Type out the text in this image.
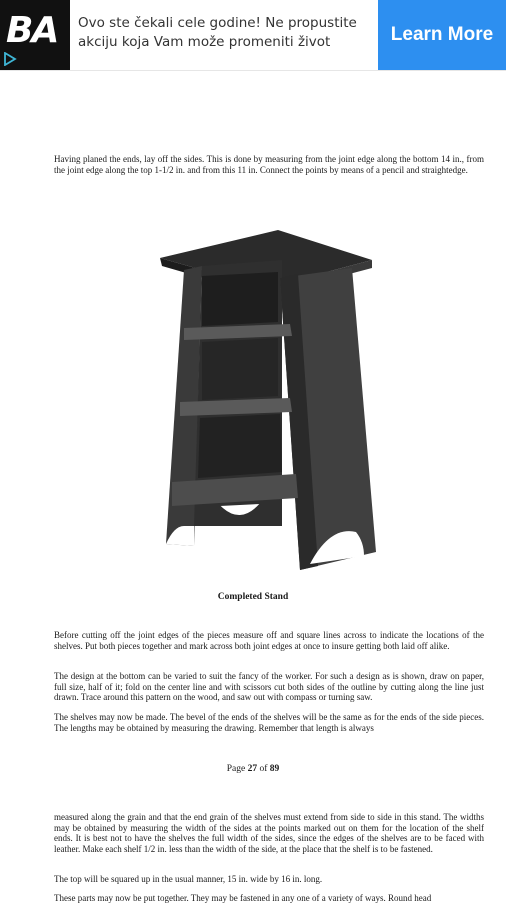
BA Ovo ste čekali cele godine! Ne propustite akciju koja Vam može promeniti život	Learn More

Having planed the ends, lay off the sides. This is done by measuring from the joint edge along the bottom 14 in., from the joint edge along the top 1-1/2 in. and from this 11 in. Connect the points by means of a pencil and straightedge.

Completed Stand

Before cutting off the joint edges of the pieces measure off and square lines across to indicate the locations of the shelves. Put both pieces together and mark across both joint edges at once to insure getting both laid off alike.

The design at the bottom can be varied to suit the fancy of the worker. For such a design as is shown, draw on paper, full size, half of it; fold on the center line and with scissors cut both sides of the outline by cutting along the line just drawn. Trace around this pattern on the wood, and saw out with compass or turning saw.

The shelves may now be made. The bevel of the ends of the shelves will be the same as for the ends of the side pieces. The lengths may be obtained by measuring the drawing. Remember that length is always

Page 27 of 89

measured along the grain and that the end grain of the shelves must extend from side to side in this stand. The widths may be obtained by measuring the width of the sides at the points marked out on them for the location of the shelf ends. It is best not to have the shelves the full width of the sides, since the edges of the shelves are to be faced with leather. Make each shelf 1/2 in. less than the width of the side, at the place that the shelf is to be fastened.

The top will be squared up in the usual manner, 15 in. wide by 16 in. long.

These parts may now be put together. They may be fastened in any one of a variety of ways. Round head
